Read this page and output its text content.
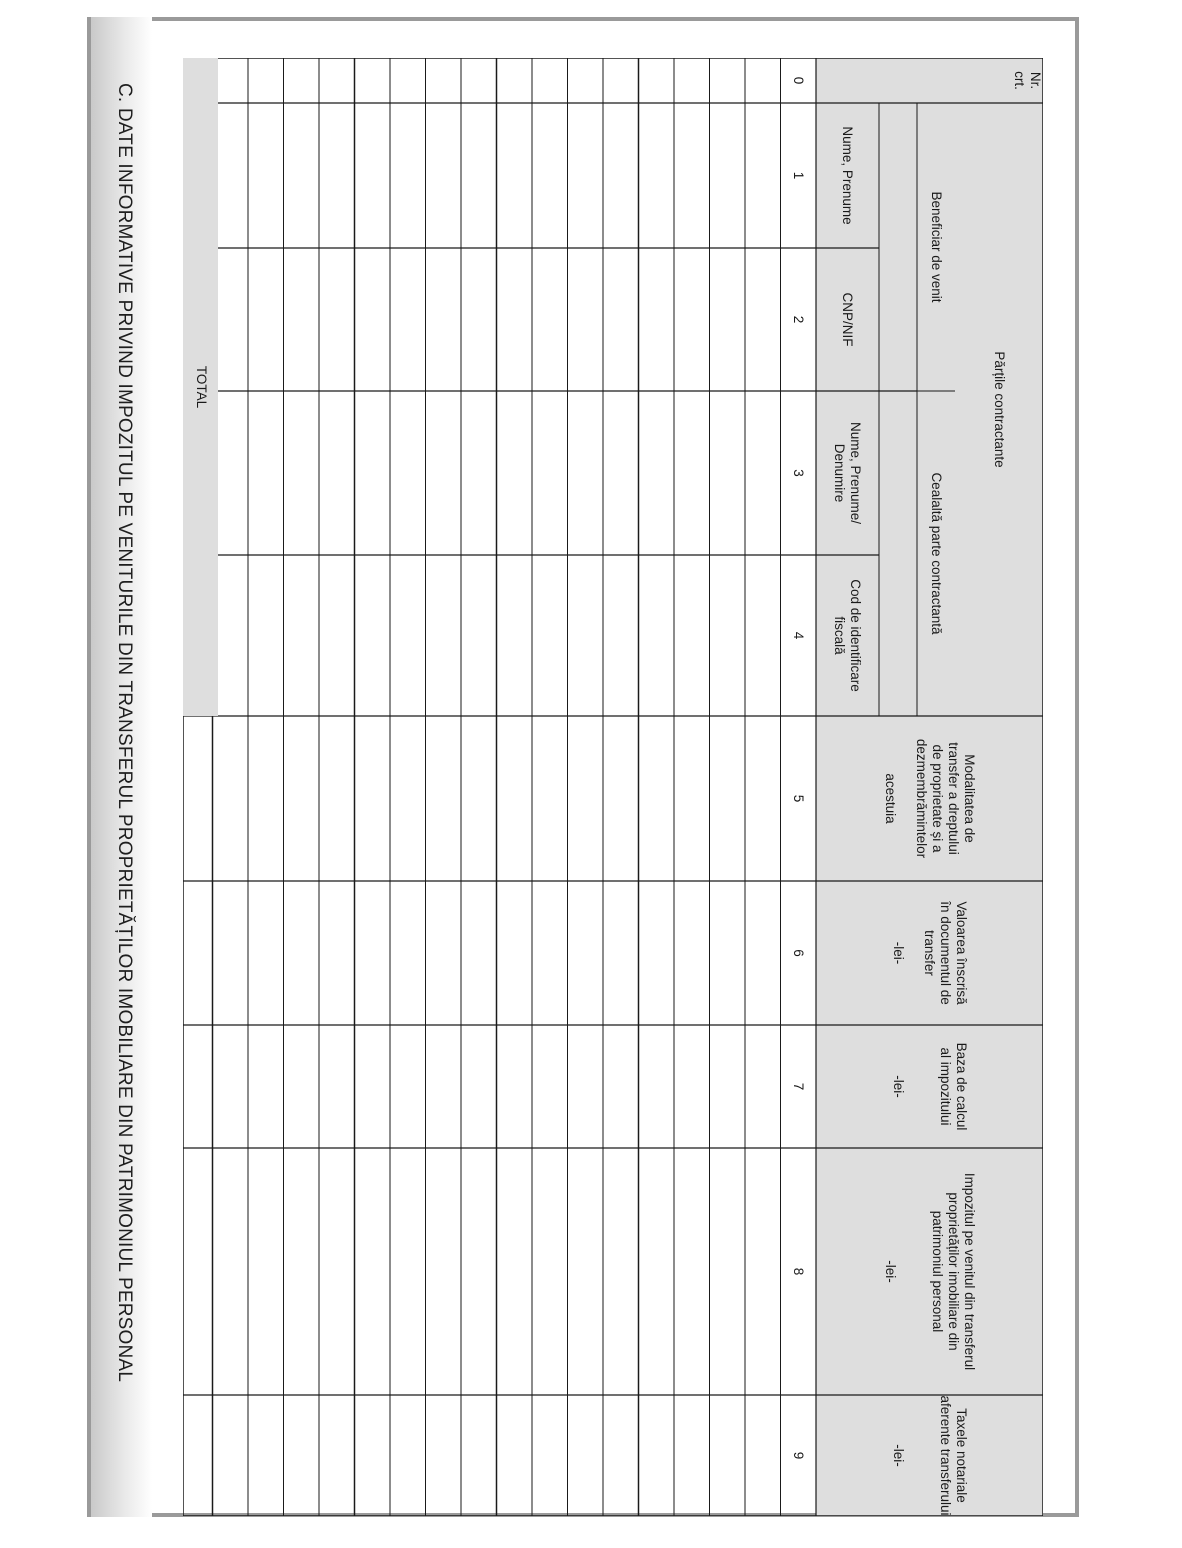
C. DATE INFORMATIVE PRIVIND IMPOZITUL PE VENITURILE DIN TRANSFERUL PROPRIETĂȚILOR IMOBILIARE DIN PATRIMONIUL PERSONAL
Nr.
crt.
Părțile contractante
Beneficiar de venit
Cealaltă parte contractantă
Nume, Prenume
CNP/NIF
Nume, Prenume/
Denumire
Cod de identificare
fiscală
Modalitatea de
transfer a dreptului
de proprietate și a
dezmembrămintelor

acestuia
Valoarea înscrisă
în documentul de
transfer

-lei-
Baza de calcul
al impozitului

-lei-
Impozitul pe venitul din transferul
proprietăților imobiliare din
patrimoniul personal

-lei-
Taxele notariale
aferente transferului

-lei-
0
1
2
3
4
5
6
7
8
9
TOTAL
